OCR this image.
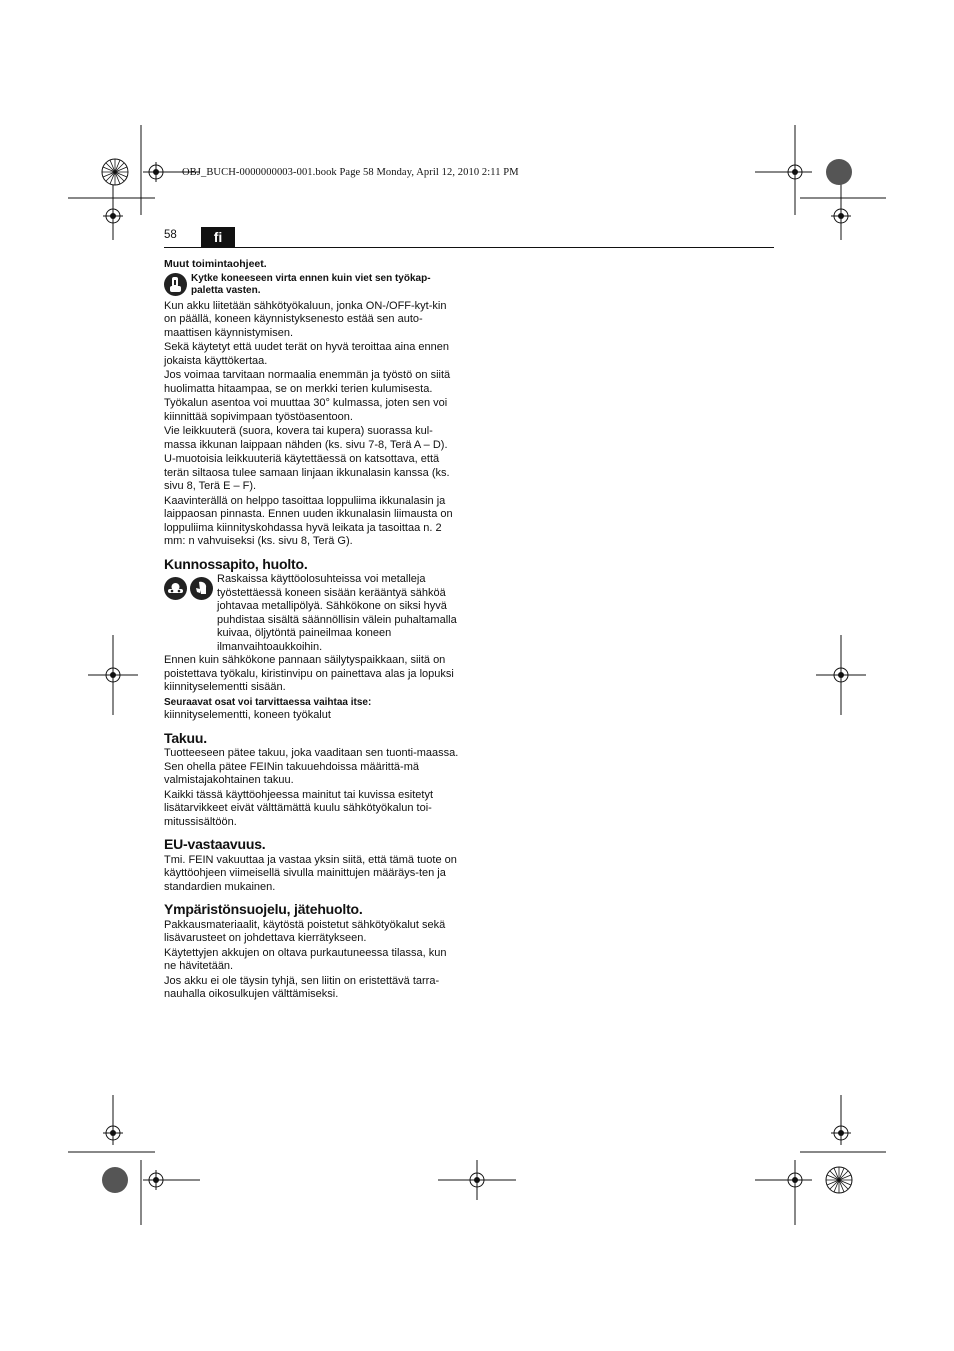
OBJ_BUCH-0000000003-001.book Page 58 Monday, April 12, 2010 2:11 PM
58	fi

Muut toimintaohjeet.

Kytke koneeseen virta ennen kuin viet sen työkap-paletta vasten.

Kun akku liitetään sähkötyökaluun, jonka ON-/OFF-kyt-kin on päällä, koneen käynnistyksenesto estää sen auto-maattisen käynnistymisen.

Sekä käytetyt että uudet terät on hyvä teroittaa aina ennen jokaista käyttökertaa.

Jos voimaa tarvitaan normaalia enemmän ja työstö on siitä huolimatta hitaampaa, se on merkki terien kulumisesta.

Työkalun asentoa voi muuttaa 30° kulmassa, joten sen voi kiinnittää sopivimpaan työstöasentoon.

Vie leikkuuterä (suora, kovera tai kupera) suorassa kul-massa ikkunan laippaan nähden (ks. sivu 7-8, Terä A – D).

U-muotoisia leikkuuteriä käytettäessä on katsottava, että terän siltaosa tulee samaan linjaan ikkunalasin kanssa (ks. sivu 8, Terä E – F).

Kaavinterällä on helppo tasoittaa loppuliima ikkunalasin ja laippaosan pinnasta. Ennen uuden ikkunalasin liimausta on loppuliima kiinnityskohdassa hyvä leikata ja tasoittaa n. 2 mm: n vahvuiseksi (ks. sivu 8, Terä G).

Kunnossapito, huolto.
Raskaissa käyttöolosuhteissa voi metalleja työstettäessä koneen sisään kerääntyä sähköä johtavaa metallipölyä. Sähkökone on siksi hyvä puhdistaa sisältä säännöllisin välein puhaltamalla kuivaa, öljytöntä paineilmaa koneen ilmanvaihtoaukkoihin.

Ennen kuin sähkökone pannaan säilytyspaikkaan, siitä on poistettava työkalu, kiristinvipu on painettava alas ja lopuksi kiinnityselementti sisään.

Seuraavat osat voi tarvittaessa vaihtaa itse:

kiinnityselementti, koneen työkalut

Takuu.

Tuotteeseen pätee takuu, joka vaaditaan sen tuonti-maassa. Sen ohella pätee FEINin takuuehdoissa määrittä-mä valmistajakohtainen takuu.

Kaikki tässä käyttöohjeessa mainitut tai kuvissa esitetyt lisätarvikkeet eivät välttämättä kuulu sähkötyökalun toi-mitussisältöön.

EU-vastaavuus.

Tmi. FEIN vakuuttaa ja vastaa yksin siitä, että tämä tuote on käyttöohjeen viimeisellä sivulla mainittujen määräys-ten ja standardien mukainen.

Ympäristönsuojelu, jätehuolto.

Pakkausmateriaalit, käytöstä poistetut sähkötyökalut sekä lisävarusteet on johdettava kierrätykseen.

Käytettyjen akkujen on oltava purkautuneessa tilassa, kun ne hävitetään.

Jos akku ei ole täysin tyhjä, sen liitin on eristettävä tarra-nauhalla oikosulkujen välttämiseksi.
